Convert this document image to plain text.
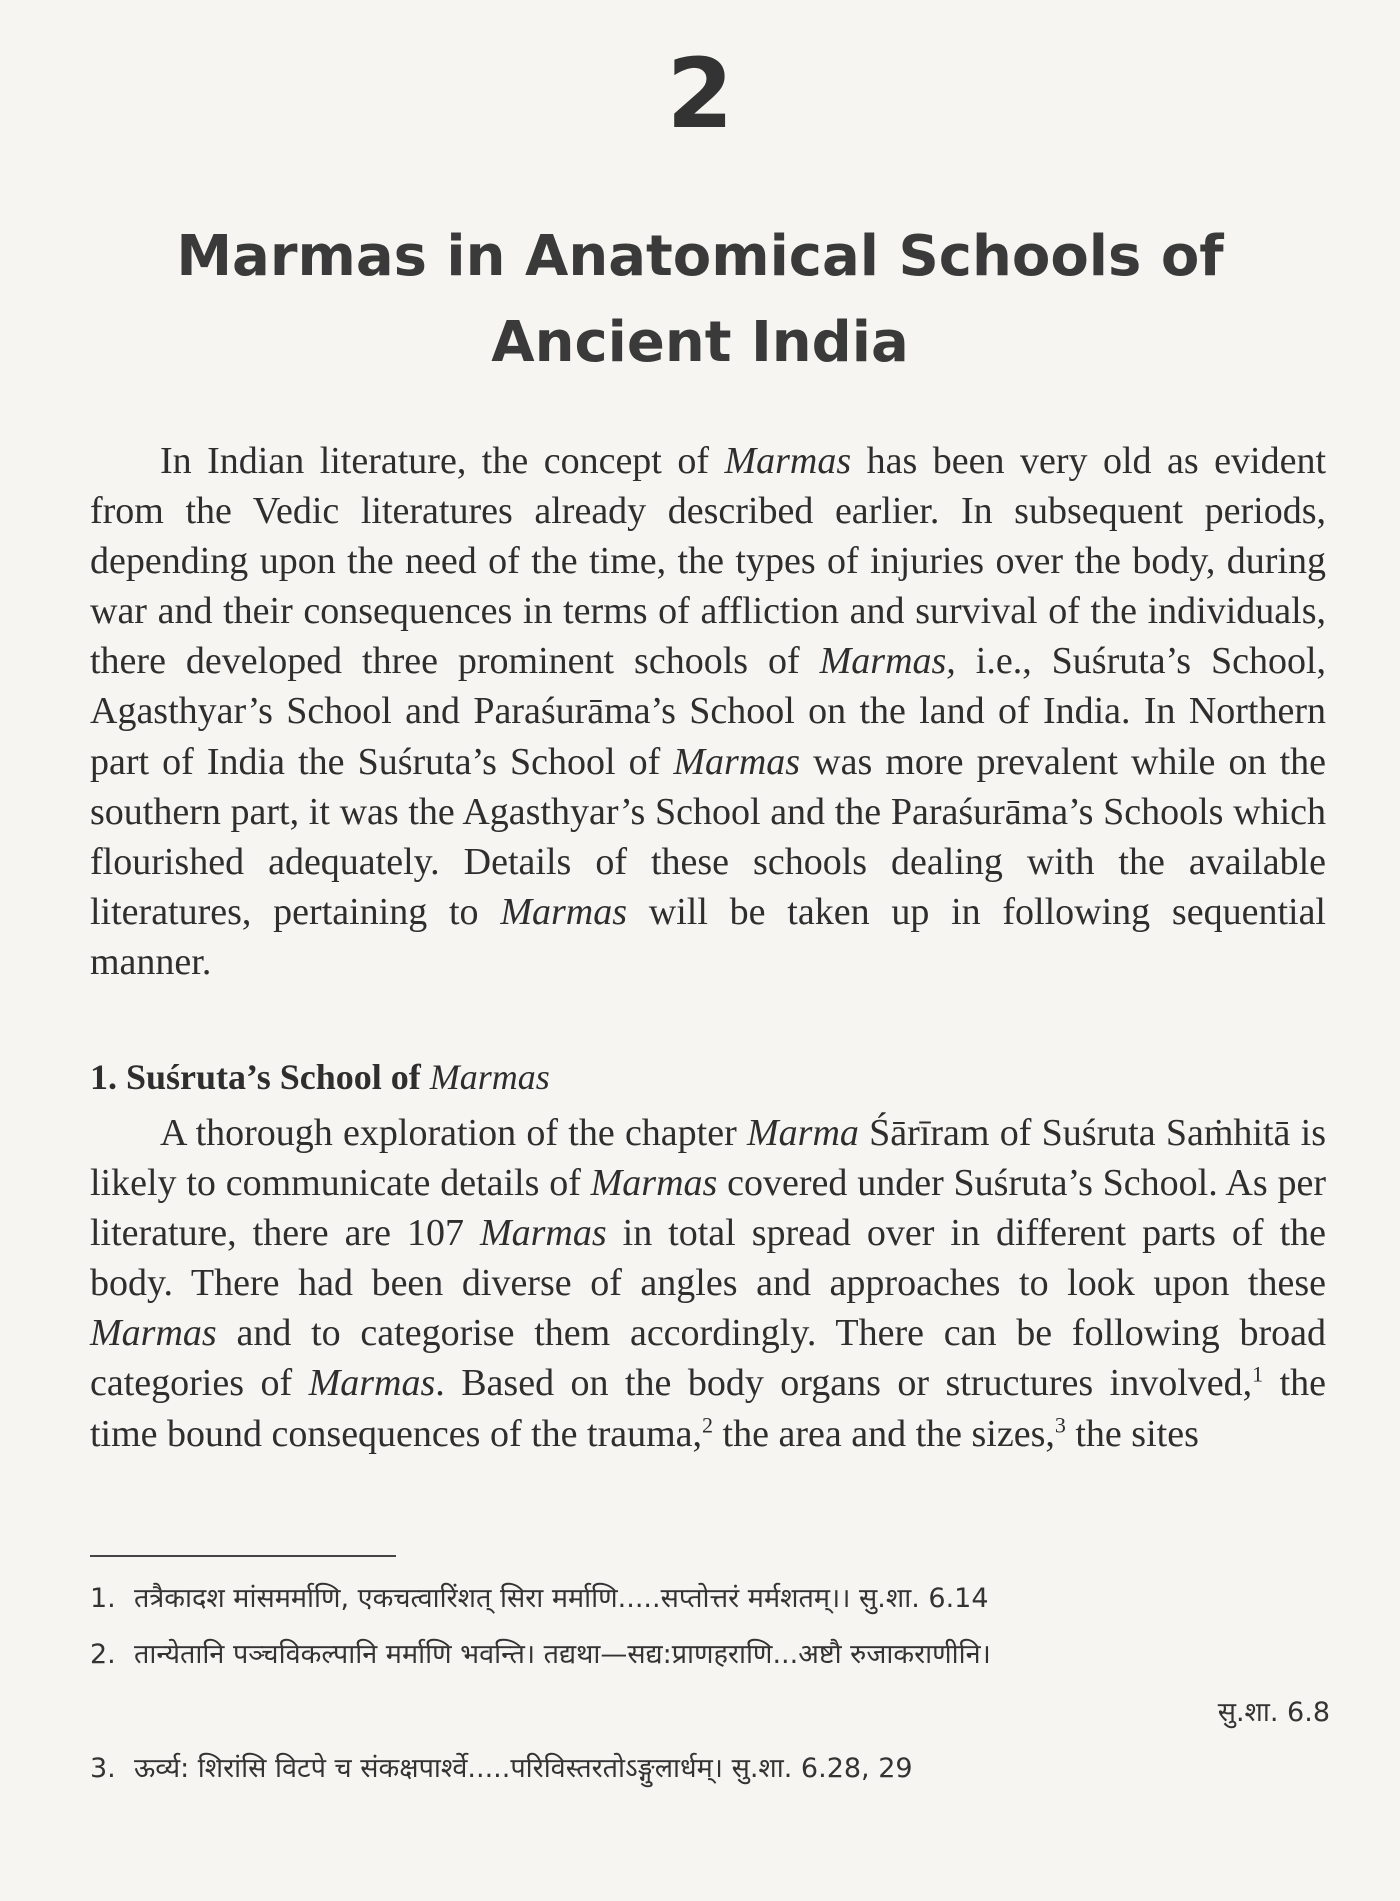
2
Marmas in Anatomical Schools of
Ancient India

In Indian literature, the concept of Marmas has been very old as evident from the Vedic literatures already described earlier. In subsequent periods, depending upon the need of the time, the types of injuries over the body, during war and their consequences in terms of affliction and survival of the individuals, there developed three prominent schools of Marmas, i.e., Suśruta’s School, Agasthyar’s School and Paraśurāma’s School on the land of India. In Northern part of India the Suśruta’s School of Marmas was more prevalent while on the southern part, it was the Agasthyar’s School and the Paraśurāma’s Schools which flourished adequately. Details of these schools dealing with the available literatures, pertaining to Marmas will be taken up in following sequential manner.

1. Suśruta’s School of Marmas

A thorough exploration of the chapter Marma Śārīram of Suśruta Saṁhitā is likely to communicate details of Marmas covered under Suśruta’s School. As per literature, there are 107 Marmas in total spread over in different parts of the body. There had been diverse of angles and approaches to look upon these Marmas and to categorise them accordingly. There can be following broad categories of Marmas. Based on the body organs or structures involved,$^1$ the time bound consequences of the trauma,$^2$ the area and the sizes,$^3$ the sites

1. तत्रैकादश मांसमर्माणि, एकचत्वारिंशत् सिरा मर्माणि.....सप्तोत्तरं मर्मशतम्।। सु.शा. 6.14
2. तान्येतानि पञ्चविकल्पानि मर्माणि भवन्ति। तद्यथा—सद्य:प्राणहराणि...अष्टौ रुजाकराणीनि।
सु.शा. 6.8
3. ऊर्व्य: शिरांसि विटपे च संकक्षपार्श्वे.....परिविस्तरतोऽङ्गुलार्धम्। सु.शा. 6.28, 29
